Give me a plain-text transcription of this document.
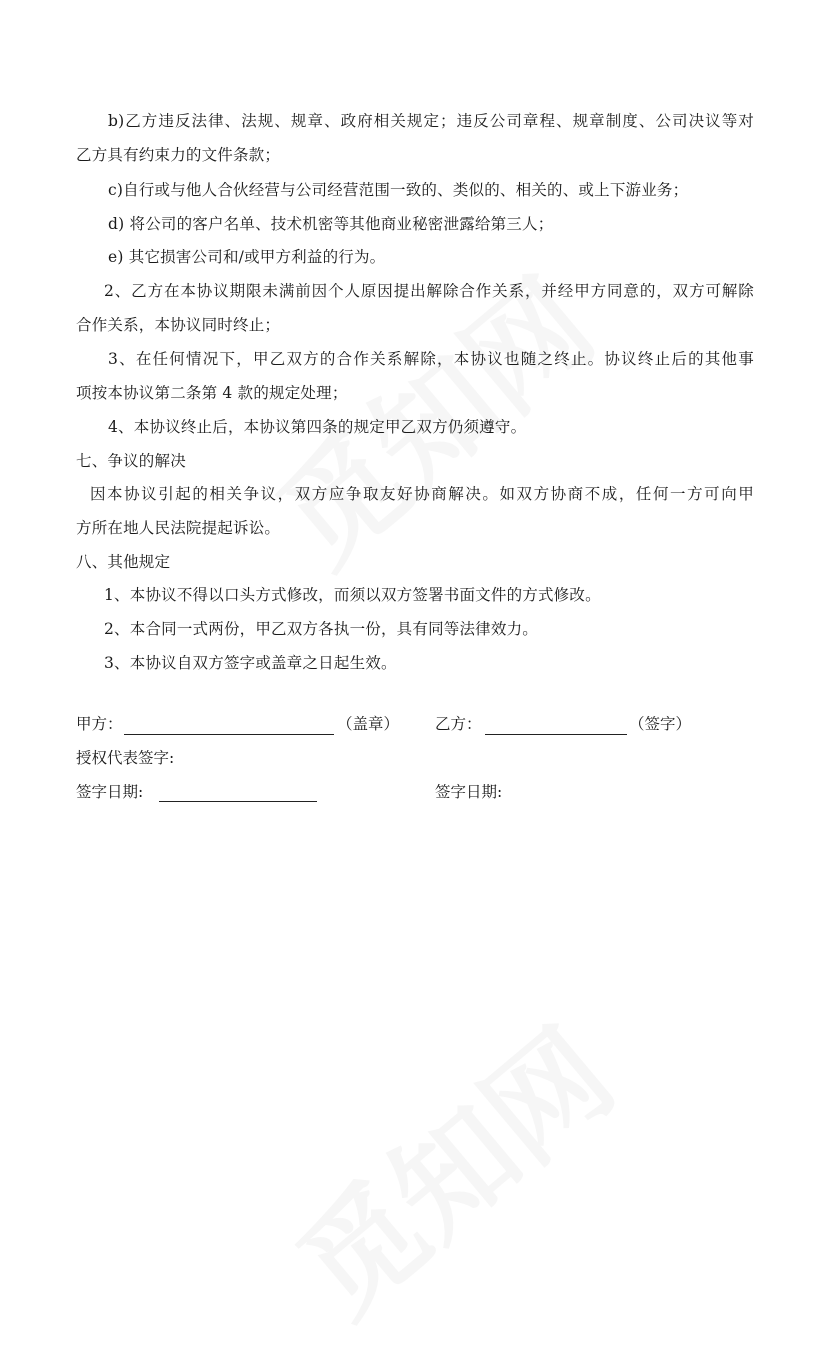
b)乙方违反法律、法规、规章、政府相关规定；违反公司章程、规章制度、公司决议等对
乙方具有约束力的文件条款；
c)自行或与他人合伙经营与公司经营范围一致的、类似的、相关的、或上下游业务；
d) 将公司的客户名单、技术机密等其他商业秘密泄露给第三人；
e) 其它损害公司和/或甲方利益的行为。
2、乙方在本协议期限未满前因个人原因提出解除合作关系，并经甲方同意的，双方可解除
合作关系，本协议同时终止；
3、在任何情况下，甲乙双方的合作关系解除，本协议也随之终止。协议终止后的其他事
项按本协议第二条第 4 款的规定处理；
4、本协议终止后，本协议第四条的规定甲乙双方仍须遵守。
七、争议的解决
因本协议引起的相关争议，双方应争取友好协商解决。如双方协商不成，任何一方可向甲
方所在地人民法院提起诉讼。
八、其他规定
1、本协议不得以口头方式修改，而须以双方签署书面文件的方式修改。
2、本合同一式两份，甲乙双方各执一份，具有同等法律效力。
3、本协议自双方签字或盖章之日起生效。
甲方：	（盖章） 乙方：	（签字）
授权代表签字:
签字日期:	签字日期:
